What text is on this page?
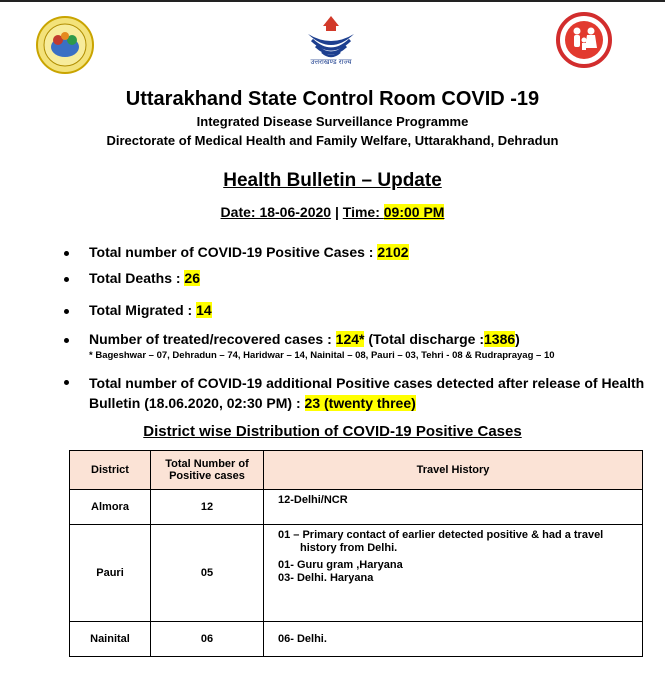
उत्तराखण्ड राज्य
Uttarakhand State Control Room COVID -19
Integrated Disease Surveillance Programme
Directorate of Medical Health and Family Welfare, Uttarakhand, Dehradun
Health Bulletin – Update
Date: 18-06-2020 | Time: 09:00 PM
Total number of COVID-19 Positive Cases : 2102
Total Deaths : 26
Total Migrated : 14
Number of treated/recovered cases : 124* (Total discharge :1386)
* Bageshwar – 07, Dehradun – 74, Haridwar – 14, Nainital – 08, Pauri – 03, Tehri - 08 & Rudraprayag – 10
Total number of COVID-19 additional Positive cases detected after release of Health Bulletin (18.06.2020, 02:30 PM) : 23 (twenty three)
District wise Distribution of COVID-19 Positive Cases
District	Total Number of Positive cases	Travel History
Almora	12	12-Delhi/NCR

Pauri	05	01 – Primary contact of earlier detected positive & had a travel
history from Delhi.
01- Guru gram ,Haryana
03- Delhi. Haryana

Nainital	06	06- Delhi.
